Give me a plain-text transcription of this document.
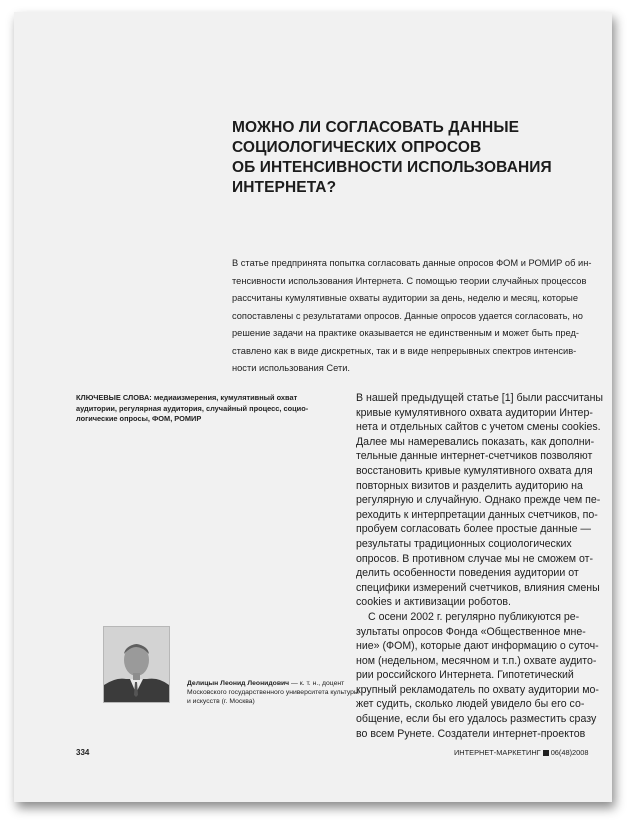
МОЖНО ЛИ СОГЛАСОВАТЬ ДАННЫЕ
СОЦИОЛОГИЧЕСКИХ ОПРОСОВ
ОБ ИНТЕНСИВНОСТИ ИСПОЛЬЗОВАНИЯ
ИНТЕРНЕТА?
В статье предпринята попытка согласовать данные опросов ФОМ и РОМИР об ин-
тенсивности использования Интернета. С помощью теории случайных процессов
рассчитаны кумулятивные охваты аудитории за день, неделю и месяц, которые
сопоставлены с результатами опросов. Данные опросов удается согласовать, но
решение задачи на практике оказывается не единственным и может быть пред-
ставлено как в виде дискретных, так и в виде непрерывных спектров интенсив-
ности использования Сети.
КЛЮЧЕВЫЕ СЛОВА: медиаизмерения, кумулятивный охват
аудитории, регулярная аудитория, случайный процесс, социо-
логические опросы, ФОМ, РОМИР
В нашей предыдущей статье [1] были рассчитаны
кривые кумулятивного охвата аудитории Интер-
нета и отдельных сайтов с учетом смены cookies.
Далее мы намеревались показать, как дополни-
тельные данные интернет-счетчиков позволяют
восстановить кривые кумулятивного охвата для
повторных визитов и разделить аудиторию на
регулярную и случайную. Однако прежде чем пе-
реходить к интерпретации данных счетчиков, по-
пробуем согласовать более простые данные —
результаты традиционных социологических
опросов. В противном случае мы не сможем от-
делить особенности поведения аудитории от
специфики измерений счетчиков, влияния смены
cookies и активизации роботов.
С осени 2002 г. регулярно публикуются ре-
зультаты опросов Фонда «Общественное мне-
ние» (ФОМ), которые дают информацию о суточ-
ном (недельном, месячном и т.п.) охвате аудито-
рии российского Интернета. Гипотетический
крупный рекламодатель по охвату аудитории мо-
жет судить, сколько людей увидело бы его со-
общение, если бы его удалось разместить сразу
во всем Рунете. Создатели интернет-проектов
Делицын Леонид Леонидович — к. т. н., доцент
Московского государственного университета культуры
и искусств (г. Москва)
334	ИНТЕРНЕТ-МАРКЕТИНГ 06(48)2008
